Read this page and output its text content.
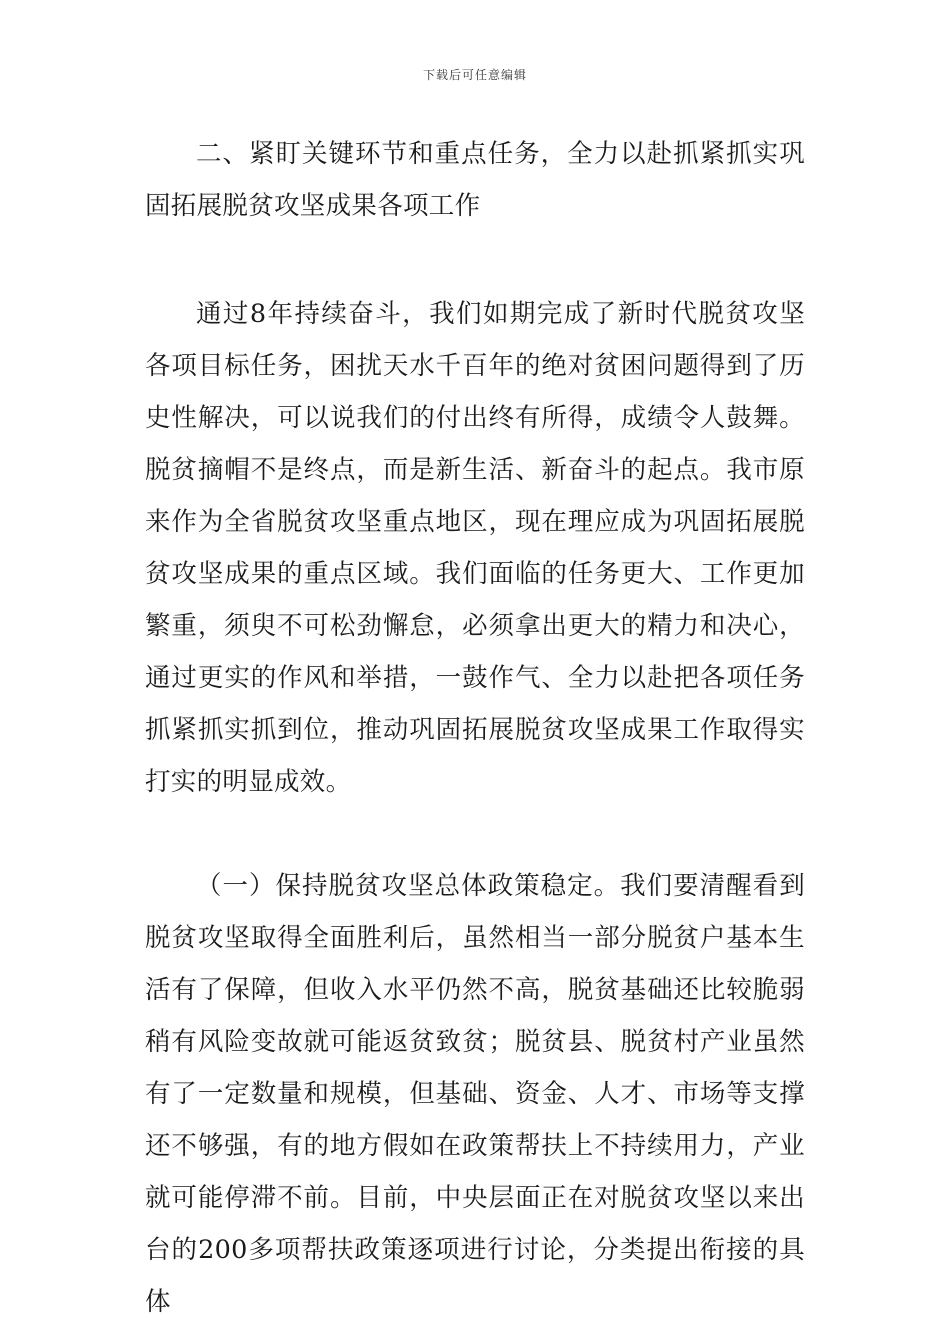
下载后可任意编辑

二、紧盯关键环节和重点任务，全力以赴抓紧抓实巩固拓展脱贫攻坚成果各项工作

通过8年持续奋斗，我们如期完成了新时代脱贫攻坚各项目标任务，困扰天水千百年的绝对贫困问题得到了历史性解决，可以说我们的付出终有所得，成绩令人鼓舞。脱贫摘帽不是终点，而是新生活、新奋斗的起点。我市原来作为全省脱贫攻坚重点地区，现在理应成为巩固拓展脱贫攻坚成果的重点区域。我们面临的任务更大、工作更加繁重，须臾不可松劲懈怠，必须拿出更大的精力和决心，通过更实的作风和举措，一鼓作气、全力以赴把各项任务抓紧抓实抓到位，推动巩固拓展脱贫攻坚成果工作取得实打实的明显成效。

（一）保持脱贫攻坚总体政策稳定。我们要清醒看到脱贫攻坚取得全面胜利后，虽然相当一部分脱贫户基本生活有了保障，但收入水平仍然不高，脱贫基础还比较脆弱稍有风险变故就可能返贫致贫；脱贫县、脱贫村产业虽然有了一定数量和规模，但基础、资金、人才、市场等支撑还不够强，有的地方假如在政策帮扶上不持续用力，产业就可能停滞不前。目前，中央层面正在对脱贫攻坚以来出台的200多项帮扶政策逐项进行讨论，分类提出衔接的具体
